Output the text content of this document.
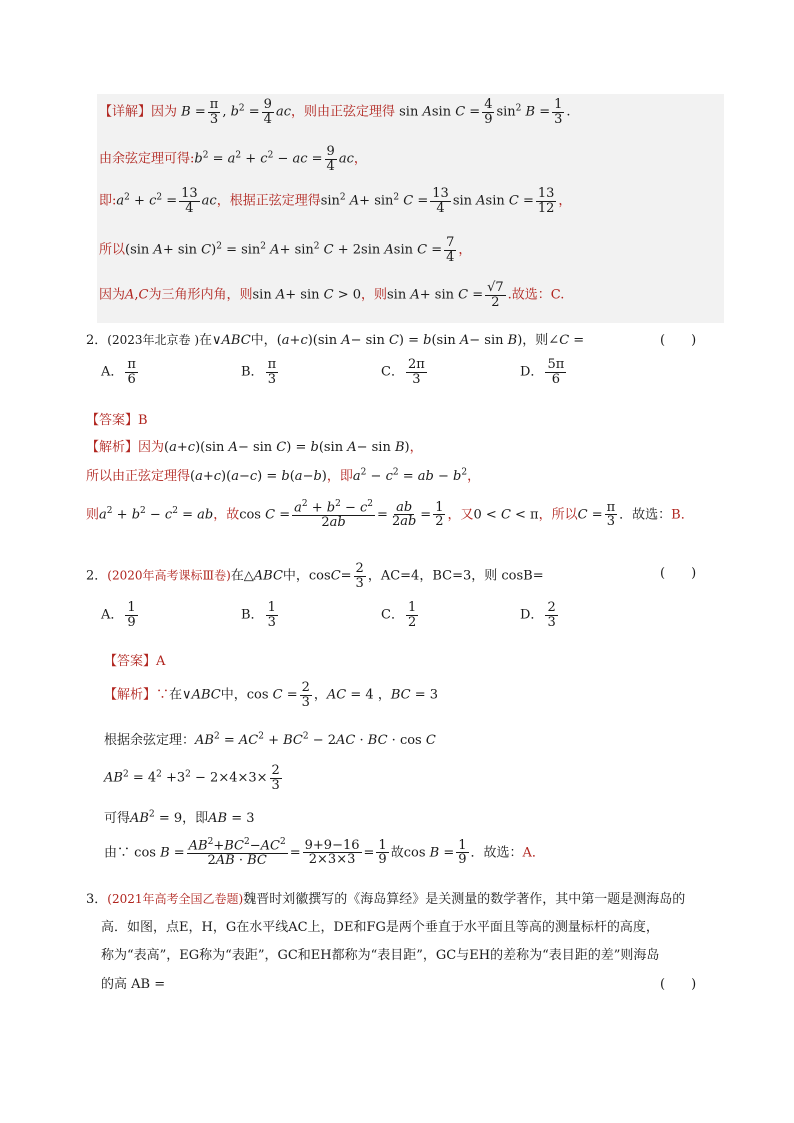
【详解】因为 $B = \frac{\pi}{3}$ , $b^2 = \frac{9}{4}$ ac，则由正弦定理得 sin Asin $C = \frac{4}{9} \sin^2 B = \frac{1}{3}$ .
由余弦定理可得$:b^2 = a^2 + c^2$ − ac = $\frac{9}{4}$ ac，
即$:a^2 + c^2 = \frac{13}{4}$ ac，根据正弦定理得$\sin^2 A+ \sin^2 C = \frac{13}{4}$ sin Asin $C = \frac{13}{12}$ ，
所以(sin $A+ \sin C)^2 = \sin^2 A+ \sin^2 C + 2\sin$ Asin $C = \frac{7}{4}$ ，
因为A,C为三角形内角，则sin A+ sin C > 0，则$\sin A+ \sin C = \frac{√7}{2}$ .故选：C.
2．(2023年北京卷 )在∨ABC中，(a+c)(sin A− sin C) = b(sin A− sin B)，则∠C =	(　　)
A． $\frac{\pi}{6}$	B． $\frac{\pi}{3}$	C． $\frac{2\pi}{3}$	D． $\frac{5\pi}{6}$
【答案】B
【解析】因为(a+c)(sin A− sin C) = b(sin A− sin B)，
所以由正弦定理得(a+c)(a−c) = b(a−b)，即$a^2 - c^2$ = ab − $b^2$，
则$a^2 + b^2 - c^2$ = ab，故$\cos C = \frac{a^2 + b^2 - c^2}{2ab} = \frac{ab}{2ab} = \frac{1}{2}$ ，又0 < C < π，所以$C = \frac{\pi}{3}$ ．故选：B．
2．(2020年高考课标Ⅲ卷)在△ABC中，$\cos C= \frac{2}{3}$ ，AC=4，BC=3，则 cosB=	(　　)
A． $\frac{1}{9}$	B． $\frac{1}{3}$	C． $\frac{1}{2}$	D． $\frac{2}{3}$
【答案】A
【解析】∵在∨ABC中，$\cos C = \frac{2}{3}$ ，AC = 4 ，BC = 3
根据余弦定理：$AB^2 = AC^2 + BC^2 - 2AC$ · BC · cos C
$AB^2 = 4^2 +3^2 - 2\times 4\times 3\times \frac{2}{3}$
可得$AB^2 = 9$，即AB = 3
由∵ $\cos B = \frac{AB^2+BC^2-AC^2}{2AB \cdot BC} = \frac{9+9-16}{2\times 3\times 3} = \frac{1}{9}$ 故$\cos B = \frac{1}{9}$ ．故选：A．
3．(2021年高考全国乙卷题)魏晋时刘徽撰写的《海岛算经》是关测量的数学著作，其中第一题是测海岛的
高．如图，点E，H，G在水平线AC上，DE和FG是两个垂直于水平面且等高的测量标杆的高度，
称为“表高”，EG称为“表距”，GC和EH都称为“表目距”，GC与EH的差称为“表目距的差”则海岛
的高 AB =	(　　)
